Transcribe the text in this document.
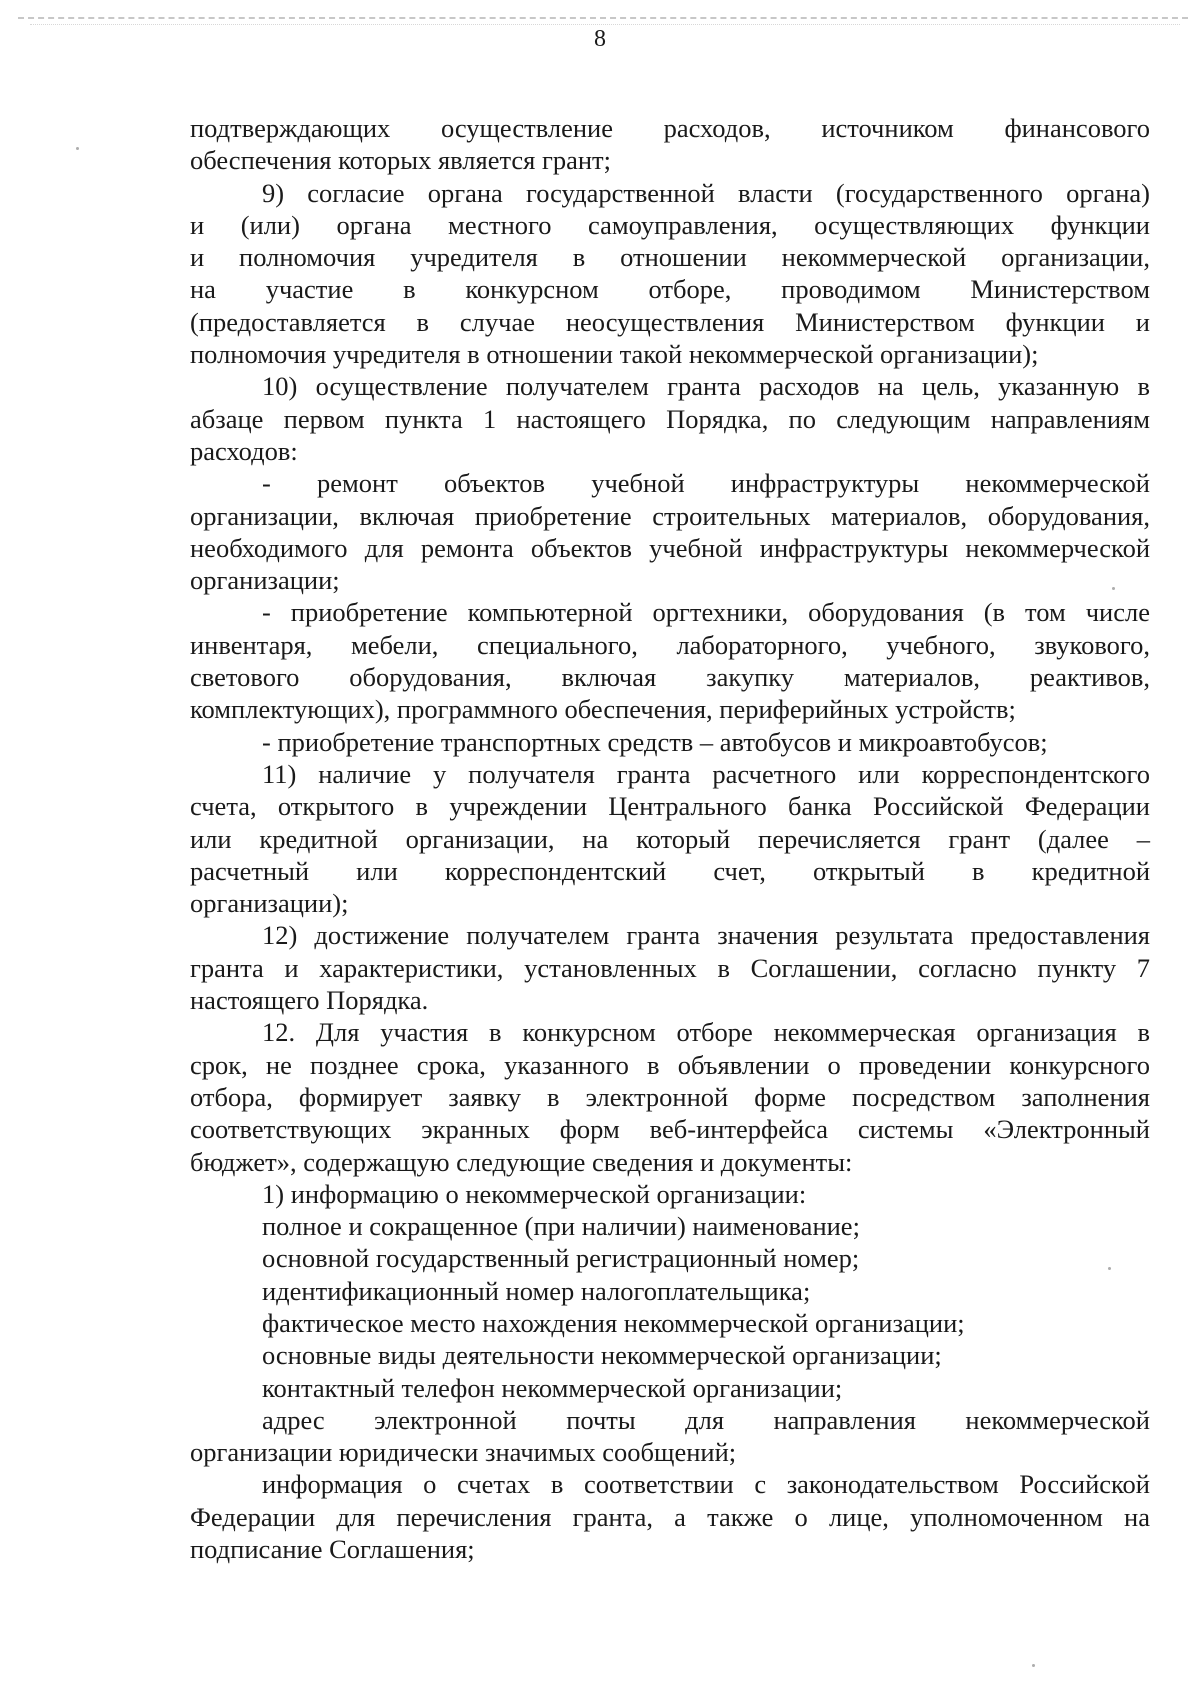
8
подтверждающих осуществление расходов, источником финансового
обеспечения которых является грант;
9) согласие органа государственной власти (государственного органа)
и (или) органа местного самоуправления, осуществляющих функции
и полномочия учредителя в отношении некоммерческой организации,
на участие в конкурсном отборе, проводимом Министерством
(предоставляется в случае неосуществления Министерством функции и
полномочия учредителя в отношении такой некоммерческой организации);
10) осуществление получателем гранта расходов на цель, указанную в
абзаце первом пункта 1 настоящего Порядка, по следующим направлениям
расходов:
- ремонт объектов учебной инфраструктуры некоммерческой
организации, включая приобретение строительных материалов, оборудования,
необходимого для ремонта объектов учебной инфраструктуры некоммерческой
организации;
- приобретение компьютерной оргтехники, оборудования (в том числе
инвентаря, мебели, специального, лабораторного, учебного, звукового,
светового оборудования, включая закупку материалов, реактивов,
комплектующих), программного обеспечения, периферийных устройств;
- приобретение транспортных средств – автобусов и микроавтобусов;
11) наличие у получателя гранта расчетного или корреспондентского
счета, открытого в учреждении Центрального банка Российской Федерации
или кредитной организации, на который перечисляется грант (далее –
расчетный или корреспондентский счет, открытый в кредитной
организации);
12) достижение получателем гранта значения результата предоставления
гранта и характеристики, установленных в Соглашении, согласно пункту 7
настоящего Порядка.
12. Для участия в конкурсном отборе некоммерческая организация в
срок, не позднее срока, указанного в объявлении о проведении конкурсного
отбора, формирует заявку в электронной форме посредством заполнения
соответствующих экранных форм веб-интерфейса системы «Электронный
бюджет», содержащую следующие сведения и документы:
1) информацию о некоммерческой организации:
полное и сокращенное (при наличии) наименование;
основной государственный регистрационный номер;
идентификационный номер налогоплательщика;
фактическое место нахождения некоммерческой организации;
основные виды деятельности некоммерческой организации;
контактный телефон некоммерческой организации;
адрес электронной почты для направления некоммерческой
организации юридически значимых сообщений;
информация о счетах в соответствии с законодательством Российской
Федерации для перечисления гранта, а также о лице, уполномоченном на
подписание Соглашения;
